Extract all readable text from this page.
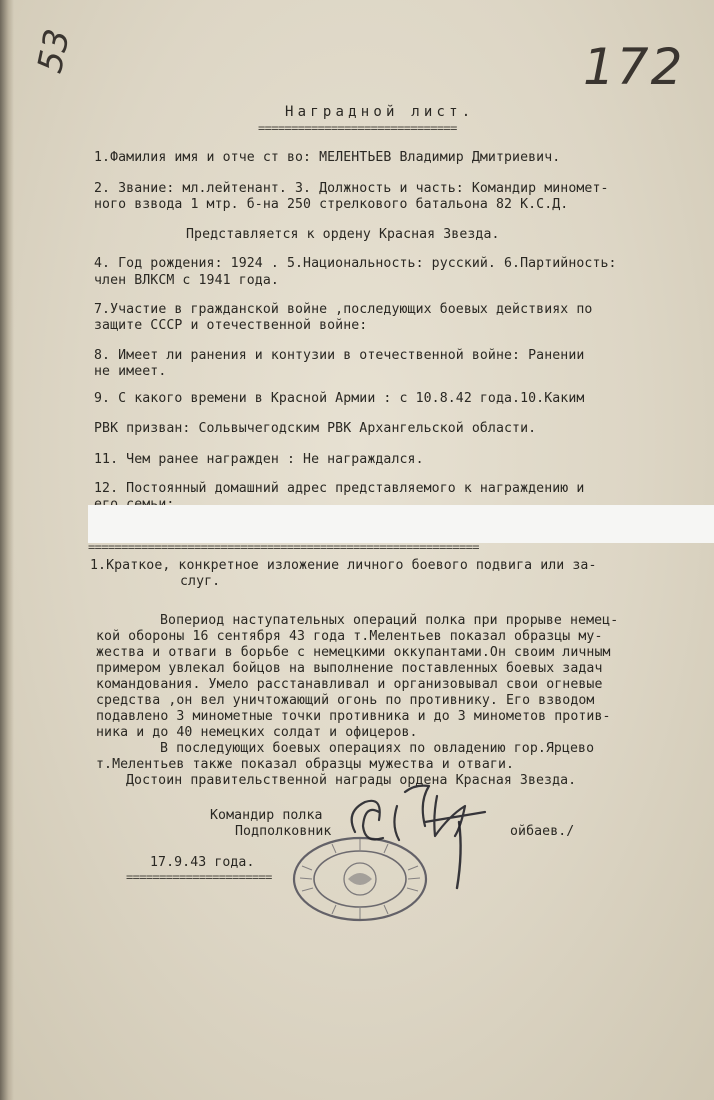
53	172
Наградной лист.
==============================
1.Фамилия имя и отче ст во: МЕЛЕНТЬЕВ Владимир Дмитриевич.
2. Звание: мл.лейтенант. 3. Должность и часть: Командир миномет-
ного взвода 1 мтр. б-на 250 стрелкового батальона 82 К.С.Д.
Представляется к ордену Красная Звезда.
4. Год рождения: 1924 . 5.Национальность: русский. 6.Партийность:
член ВЛКСМ с 1941 года.
7.Участие в гражданской войне ,последующих боевых действиях по
защите СССР и отечественной войне:
8. Имеет ли ранения и контузии в отечественной войне: Ранении
не имеет.
9. С какого времени в Красной Армии : с 10.8.42 года.10.Каким
РВК призван: Сольвычегодским РВК Архангельской области.
11. Чем ранее награжден : Не награждался.
12. Постоянный домашний адрес представляемого к награждению и
===========================================================
1.Краткое, конкретное изложение личного боевого подвига или за-
слуг.
Вопериод наступательных операций полка при прорыве немец-
кой обороны 16 сентября 43 года т.Мелентьев показал образцы му-
жества и отваги в борьбе с немецкими оккупантами.Он своим личным
примером увлекал бойцов на выполнение поставленных боевых задач
командования. Умело расстанавливал и организовывал свои огневые
средства ,он вел уничтожающий огонь по противнику. Его взводом
подавлено 3 минометные точки противника и до 3 минометов против-
ника и до 40 немецких солдат и офицеров.
В последующих боевых операциях по овладению гор.Ярцево
т.Мелентьев также показал образцы мужества и отваги.
Достоин правительственной награды ордена Красная Звезда.
Командир полка
Подполковник	ойбаев./
17.9.43 года.
======================
